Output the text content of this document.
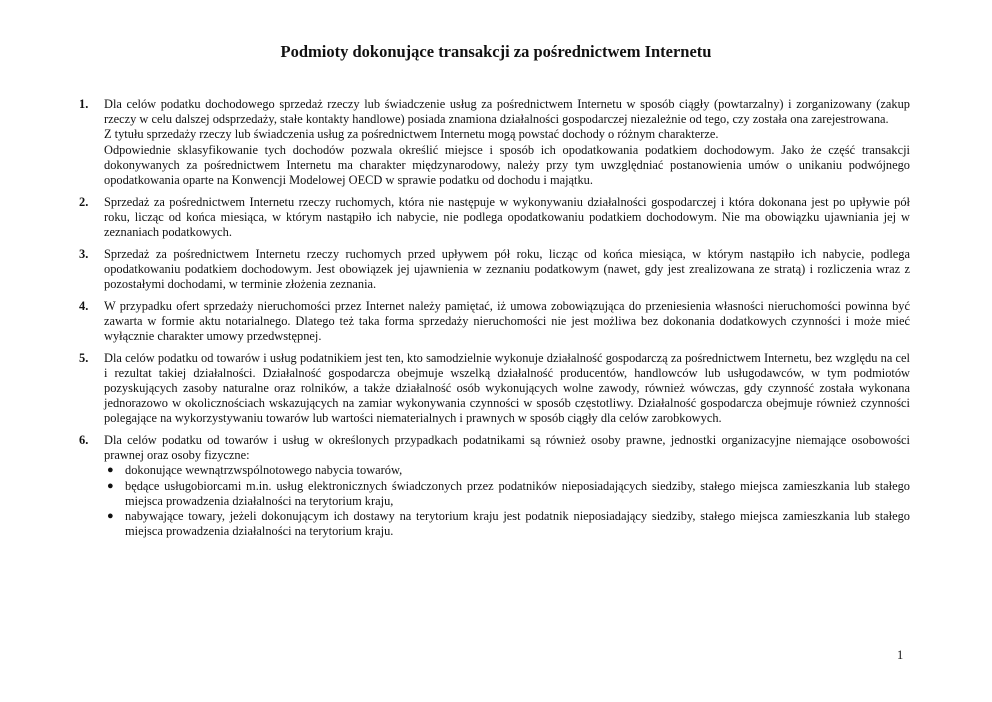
Podmioty dokonujące transakcji za pośrednictwem Internetu
1. Dla celów podatku dochodowego sprzedaż rzeczy lub świadczenie usług za pośrednictwem Internetu w sposób ciągły (powtarzalny) i zorganizowany (zakup rzeczy w celu dalszej odsprzedaży, stałe kontakty handlowe) posiada znamiona działalności gospodarczej niezależnie od tego, czy została ona zarejestrowana.

Z tytułu sprzedaży rzeczy lub świadczenia usług za pośrednictwem Internetu mogą powstać dochody o różnym charakterze.

Odpowiednie sklasyfikowanie tych dochodów pozwala określić miejsce i sposób ich opodatkowania podatkiem dochodowym. Jako że część transakcji dokonywanych za pośrednictwem Internetu ma charakter międzynarodowy, należy przy tym uwzględniać postanowienia umów o unikaniu podwójnego opodatkowania oparte na Konwencji Modelowej OECD w sprawie podatku od dochodu i majątku.

2. Sprzedaż za pośrednictwem Internetu rzeczy ruchomych, która nie następuje w wykonywaniu działalności gospodarczej i która dokonana jest po upływie pół roku, licząc od końca miesiąca, w którym nastąpiło ich nabycie, nie podlega opodatkowaniu podatkiem dochodowym. Nie ma obowiązku ujawniania jej w zeznaniach podatkowych.

3. Sprzedaż za pośrednictwem Internetu rzeczy ruchomych przed upływem pół roku, licząc od końca miesiąca, w którym nastąpiło ich nabycie, podlega opodatkowaniu podatkiem dochodowym. Jest obowiązek jej ujawnienia w zeznaniu podatkowym (nawet, gdy jest zrealizowana ze stratą) i rozliczenia wraz z pozostałymi dochodami, w terminie złożenia zeznania.

4. W przypadku ofert sprzedaży nieruchomości przez Internet należy pamiętać, iż umowa zobowiązująca do przeniesienia własności nieruchomości powinna być zawarta w formie aktu notarialnego. Dlatego też taka forma sprzedaży nieruchomości nie jest możliwa bez dokonania dodatkowych czynności i może mieć wyłącznie charakter umowy przedwstępnej.

5. Dla celów podatku od towarów i usług podatnikiem jest ten, kto samodzielnie wykonuje działalność gospodarczą za pośrednictwem Internetu, bez względu na cel i rezultat takiej działalności. Działalność gospodarcza obejmuje wszelką działalność producentów, handlowców lub usługodawców, w tym podmiotów pozyskujących zasoby naturalne oraz rolników, a także działalność osób wykonujących wolne zawody, również wówczas, gdy czynność została wykonana jednorazowo w okolicznościach wskazujących na zamiar wykonywania czynności w sposób częstotliwy. Działalność gospodarcza obejmuje również czynności polegające na wykorzystywaniu towarów lub wartości niematerialnych i prawnych w sposób ciągły dla celów zarobkowych.

6. Dla celów podatku od towarów i usług w określonych przypadkach podatnikami są również osoby prawne, jednostki organizacyjne niemające osobowości prawnej oraz osoby fizyczne:

● dokonujące wewnątrzwspólnotowego nabycia towarów,
● będące usługobiorcami m.in. usług elektronicznych świadczonych przez podatników nieposiadających siedziby, stałego miejsca zamieszkania lub stałego miejsca prowadzenia działalności na terytorium kraju,
● nabywające towary, jeżeli dokonującym ich dostawy na terytorium kraju jest podatnik nieposiadający siedziby, stałego miejsca zamieszkania lub stałego miejsca prowadzenia działalności na terytorium kraju.
1
